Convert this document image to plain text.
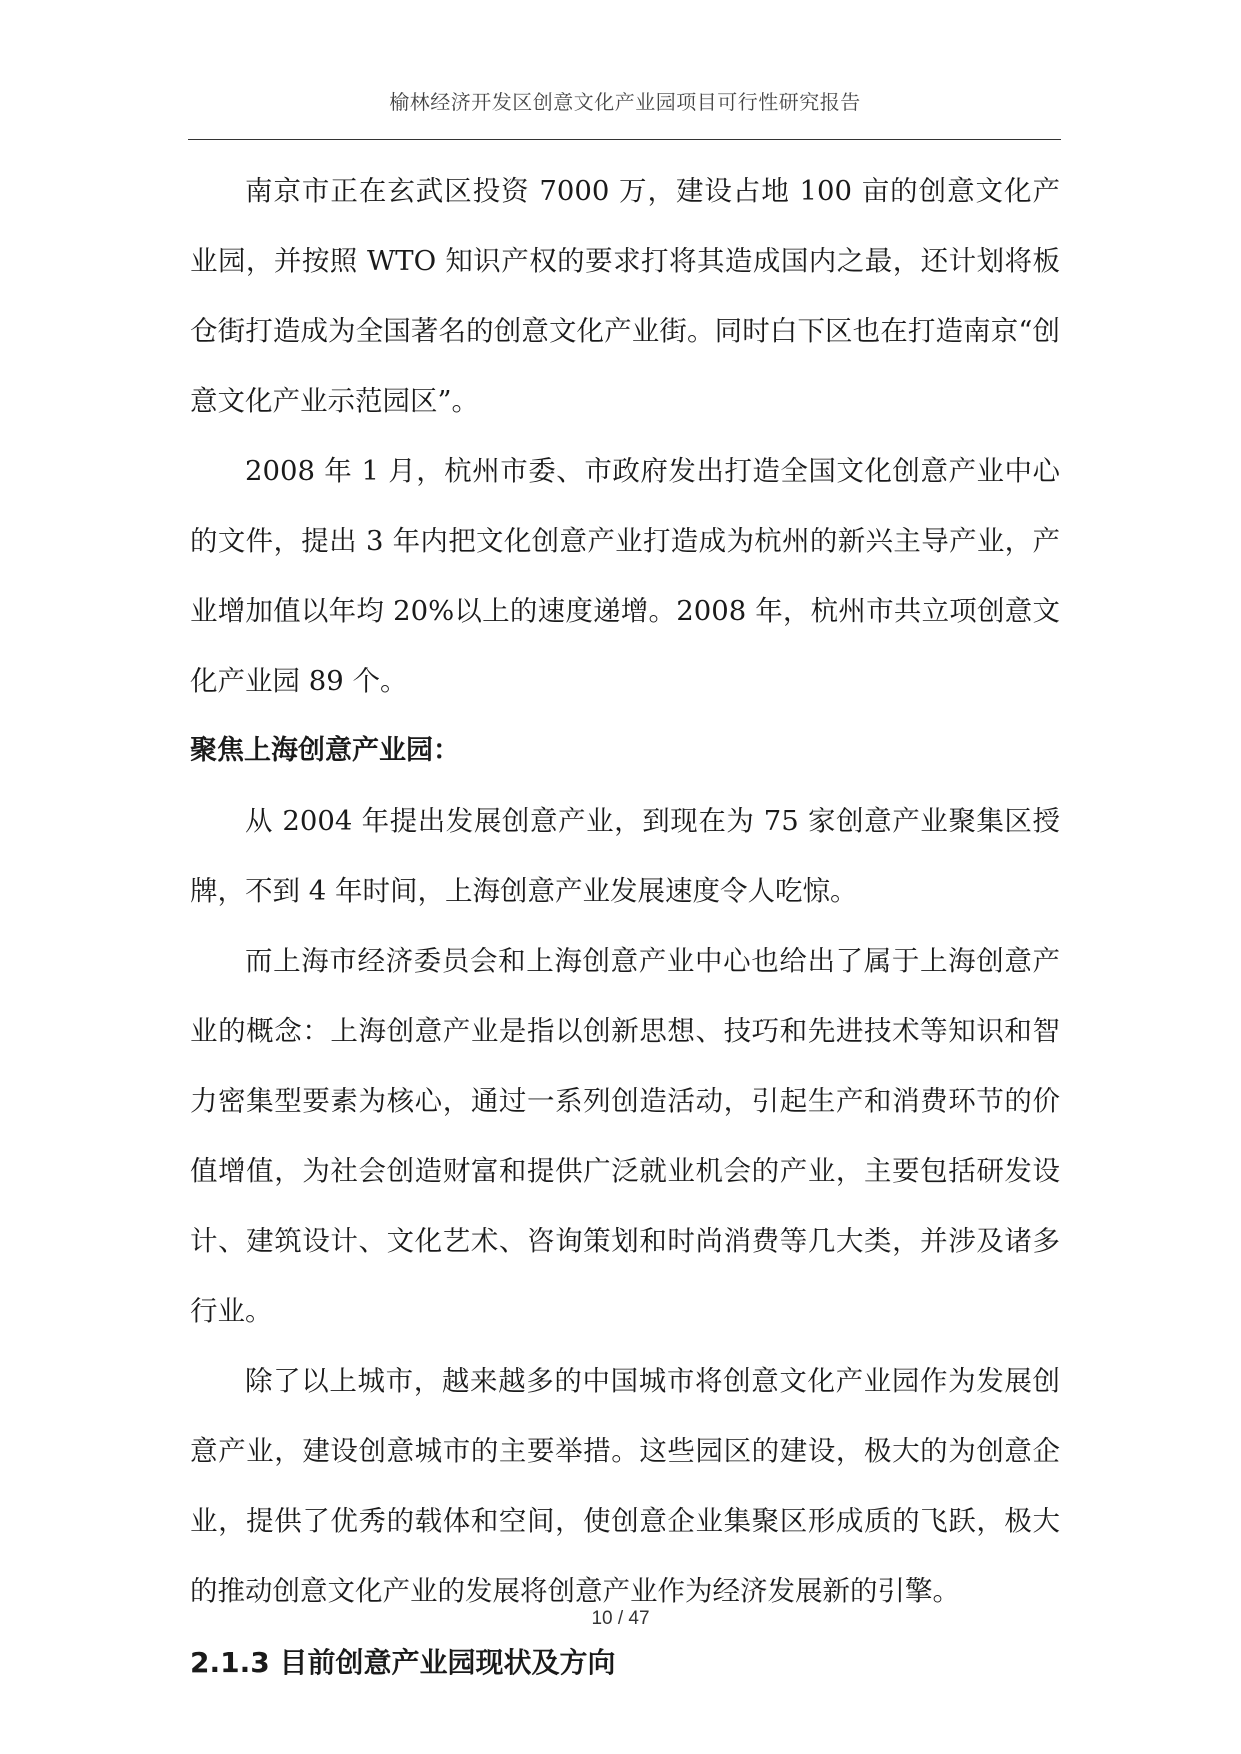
榆林经济开发区创意文化产业园项目可行性研究报告

南京市正在玄武区投资 7000 万，建设占地 100 亩的创意文化产业园，并按照 WTO 知识产权的要求打将其造成国内之最，还计划将板仓街打造成为全国著名的创意文化产业街。同时白下区也在打造南京“创意文化产业示范园区”。

2008 年 1 月，杭州市委、市政府发出打造全国文化创意产业中心的文件，提出 3 年内把文化创意产业打造成为杭州的新兴主导产业，产业增加值以年均 20%以上的速度递增。2008 年，杭州市共立项创意文化产业园 89 个。

聚焦上海创意产业园：

从 2004 年提出发展创意产业，到现在为 75 家创意产业聚集区授牌，不到 4 年时间，上海创意产业发展速度令人吃惊。

而上海市经济委员会和上海创意产业中心也给出了属于上海创意产业的概念：上海创意产业是指以创新思想、技巧和先进技术等知识和智力密集型要素为核心，通过一系列创造活动，引起生产和消费环节的价值增值，为社会创造财富和提供广泛就业机会的产业，主要包括研发设计、建筑设计、文化艺术、咨询策划和时尚消费等几大类，并涉及诸多行业。

除了以上城市，越来越多的中国城市将创意文化产业园作为发展创意产业，建设创意城市的主要举措。这些园区的建设，极大的为创意企业，提供了优秀的载体和空间，使创意企业集聚区形成质的飞跃，极大的推动创意文化产业的发展将创意产业作为经济发展新的引擎。

2.1.3 目前创意产业园现状及方向

10 / 47
